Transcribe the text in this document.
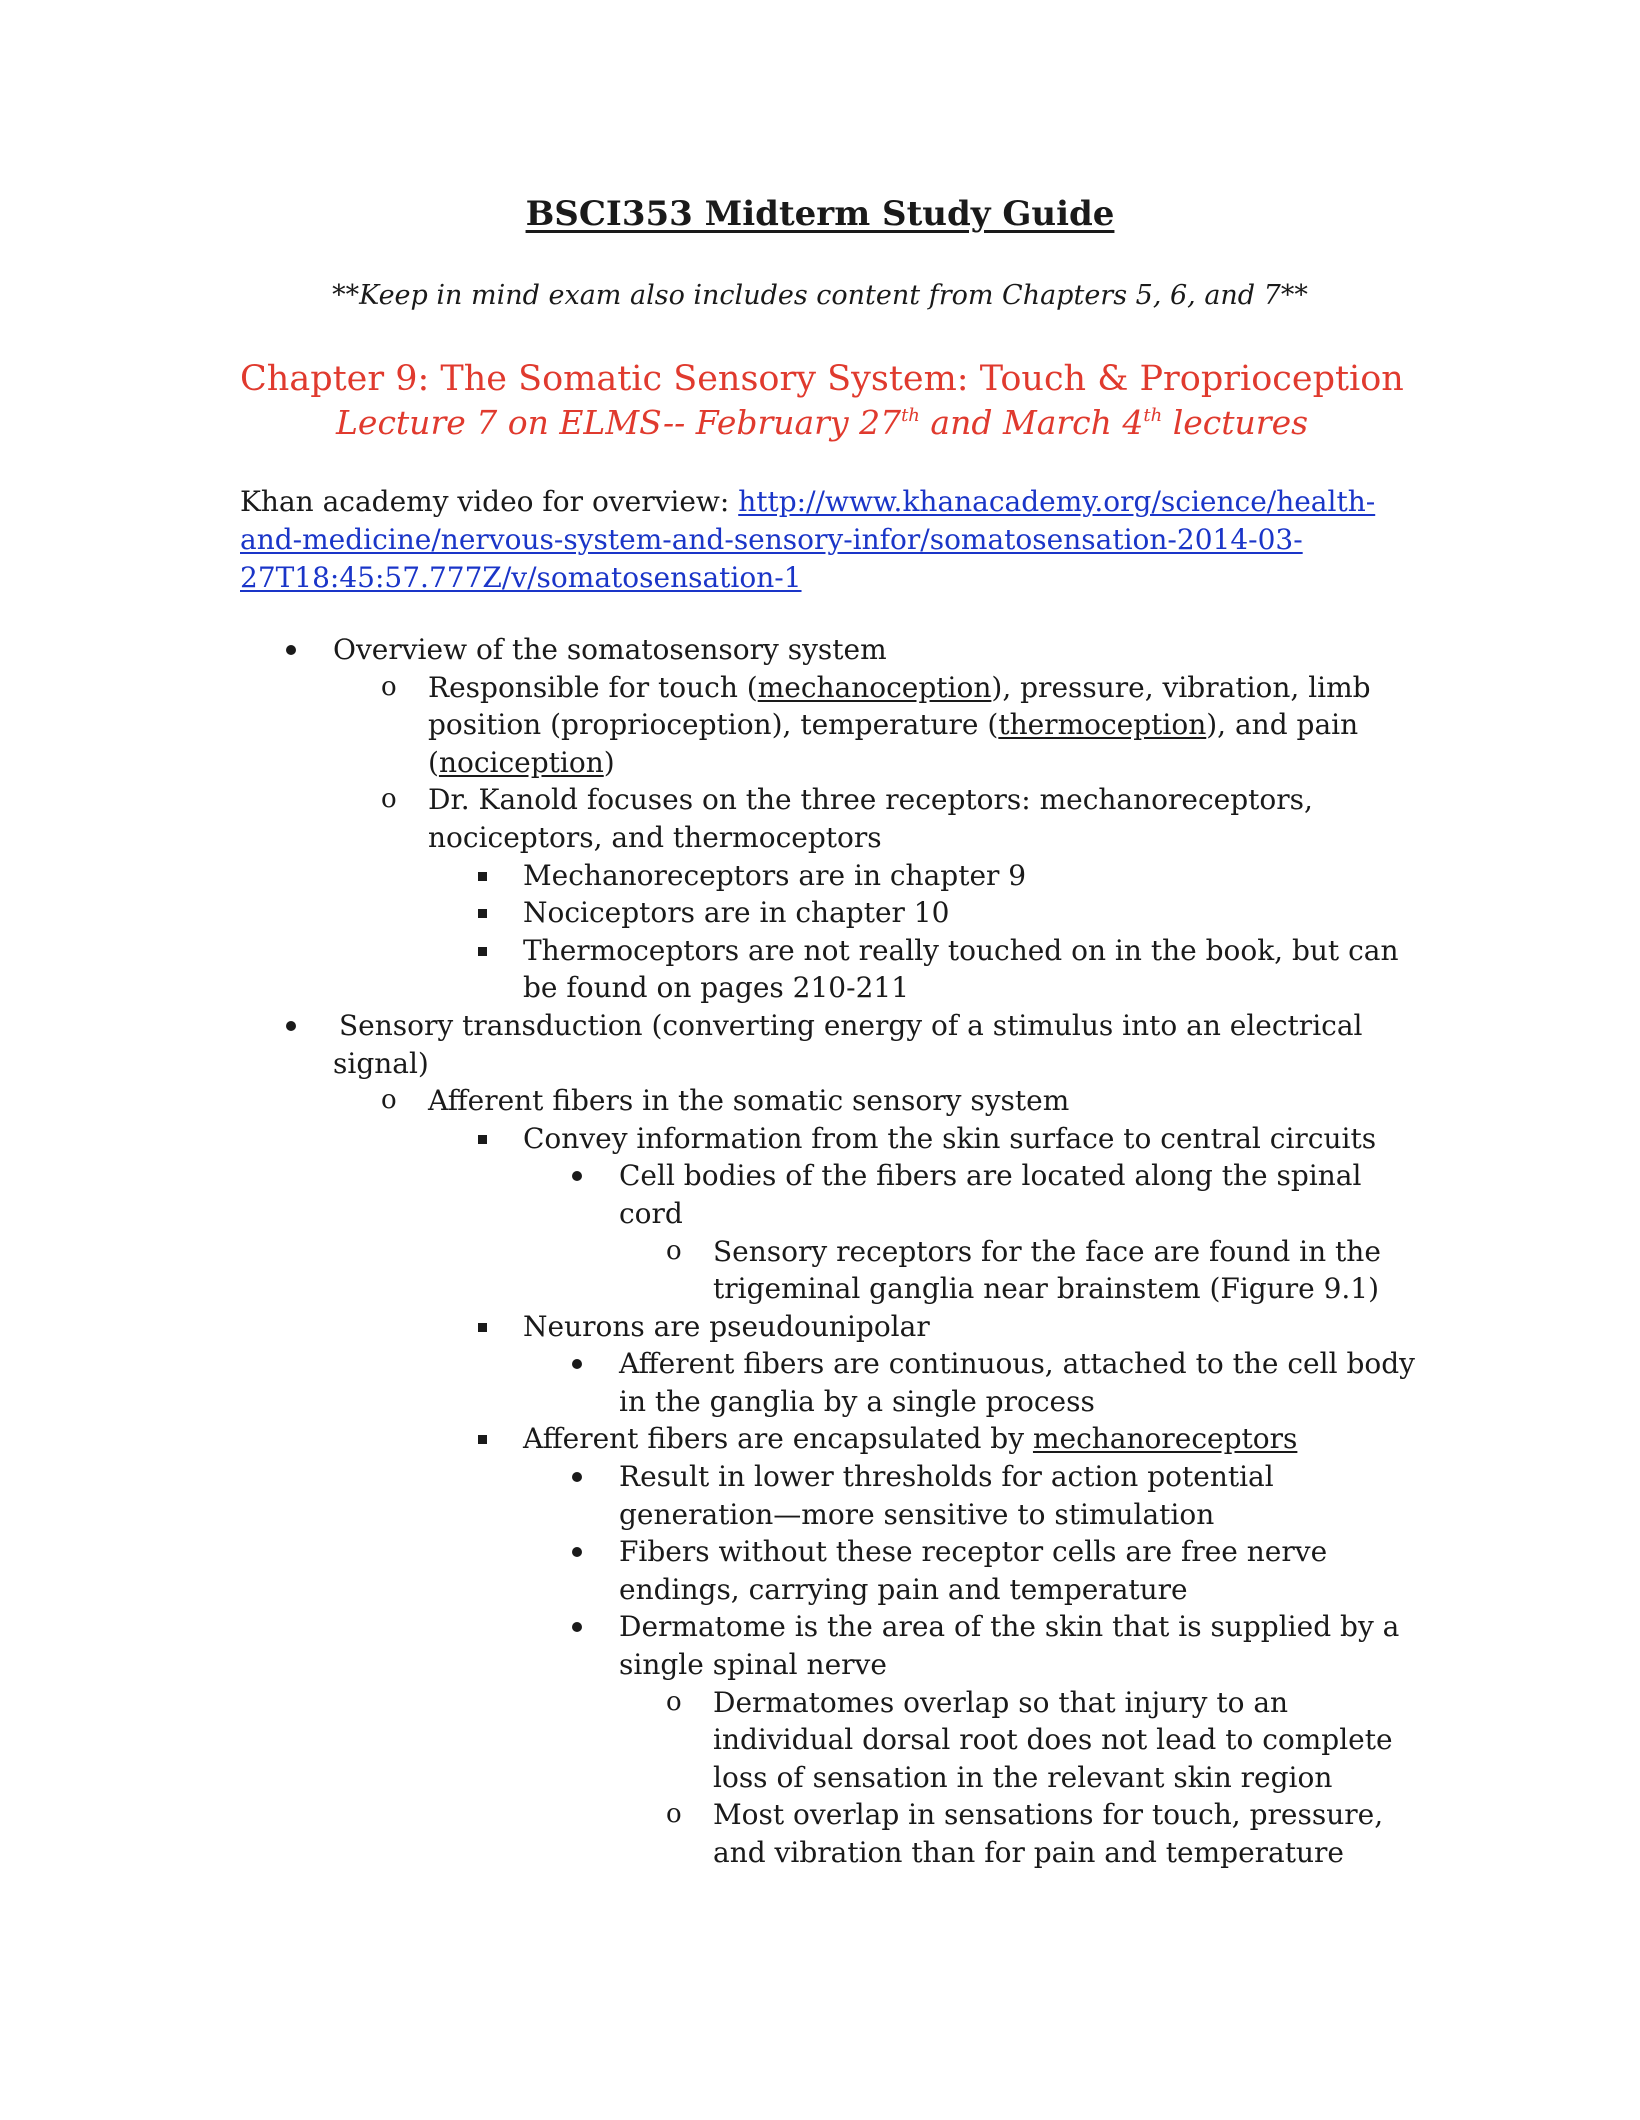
BSCI353 Midterm Study Guide
**Keep in mind exam also includes content from Chapters 5, 6, and 7**
Chapter 9: The Somatic Sensory System: Touch & Proprioception
Lecture 7 on ELMS-- February 27th and March 4th lectures
Khan academy video for overview: http://www.khanacademy.org/science/health-
and-medicine/nervous-system-and-sensory-infor/somatosensation-2014-03-
27T18:45:57.777Z/v/somatosensation-1
Overview of the somatosensory system
o Responsible for touch (mechanoception), pressure, vibration, limb
position (proprioception), temperature (thermoception), and pain
(nociception)
o Dr. Kanold focuses on the three receptors: mechanoreceptors,
nociceptors, and thermoceptors
Mechanoreceptors are in chapter 9
Nociceptors are in chapter 10
Thermoceptors are not really touched on in the book, but can
be found on pages 210-211
Sensory transduction (converting energy of a stimulus into an electrical
signal)
o Afferent fibers in the somatic sensory system
Convey information from the skin surface to central circuits
Cell bodies of the fibers are located along the spinal
cord
o Sensory receptors for the face are found in the
trigeminal ganglia near brainstem (Figure 9.1)
Neurons are pseudounipolar
Afferent fibers are continuous, attached to the cell body
in the ganglia by a single process
Afferent fibers are encapsulated by mechanoreceptors
Result in lower thresholds for action potential
generation—more sensitive to stimulation
Fibers without these receptor cells are free nerve
endings, carrying pain and temperature
Dermatome is the area of the skin that is supplied by a
single spinal nerve
o Dermatomes overlap so that injury to an
individual dorsal root does not lead to complete
loss of sensation in the relevant skin region
o Most overlap in sensations for touch, pressure,
and vibration than for pain and temperature
